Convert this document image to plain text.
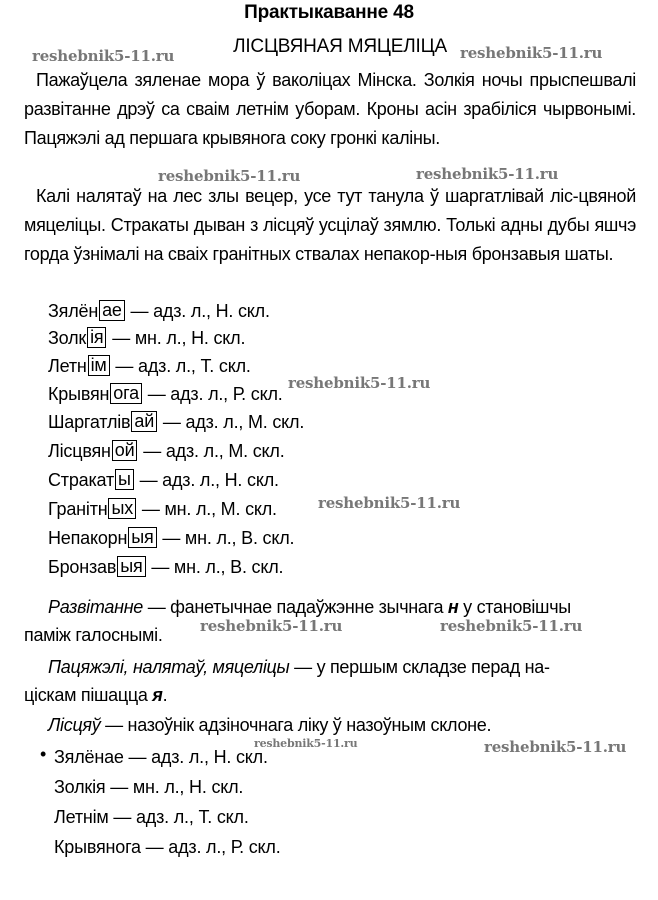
Практыкаванне 48
ЛІСЦВЯНАЯ МЯЦЕЛІЦА

Пажаўцела зяленае мора ў ваколіцах Мінска. Золкія ночы прыспешвалі развітанне дрэў са сваім летнім уборам. Кроны асін зрабіліся чырвонымі. Пацяжэлі ад першага крывянога соку гронкі каліны.

Калі налятаў на лес злы вецер, усе тут танула ў шаргатлівай ліс-цвяной мяцеліцы. Стракаты дыван з лісцяў усцілаў зямлю. Толькі адны дубы яшчэ горда ўзнімалі на сваіх гранітных ствалах непакор-ныя бронзавыя шаты.

Зялён ае — адз. л., Н. скл.
Золк ія — мн. л., Н. скл.
Летн ім — адз. л., Т. скл.
Крывян ога — адз. л., Р. скл.
Шаргатлів ай — адз. л., М. скл.
Лісцвян ой — адз. л., М. скл.
Стракат ы — адз. л., Н. скл.
Гранітн ых — мн. л., М. скл.
Непакорн ыя — мн. л., В. скл.
Бронзав ыя — мн. л., В. скл.

Развітанне — фанетычнае падаўжэнне зычнага н у становішчы

паміж галоснымі.

Пацяжэлі, налятаў, мяцеліцы — у першым складзе перад на-

ціскам пішацца я.

Лісцяў — назоўнік адзіночнага ліку ў назоўным склоне.

• Зялёнае — адз. л., Н. скл.
Золкія — мн. л., Н. скл.
Летнім — адз. л., Т. скл.
Крывянога — адз. л., Р. скл.
reshebnik5-11.ru	reshebnik5-11.ru
reshebnik5-11.ru	reshebnik5-11.ru
reshebnik5-11.ru
reshebnik5-11.ru
reshebnik5-11.ru	reshebnik5-11.ru
reshebnik5-11.ru	reshebnik5-11.ru
